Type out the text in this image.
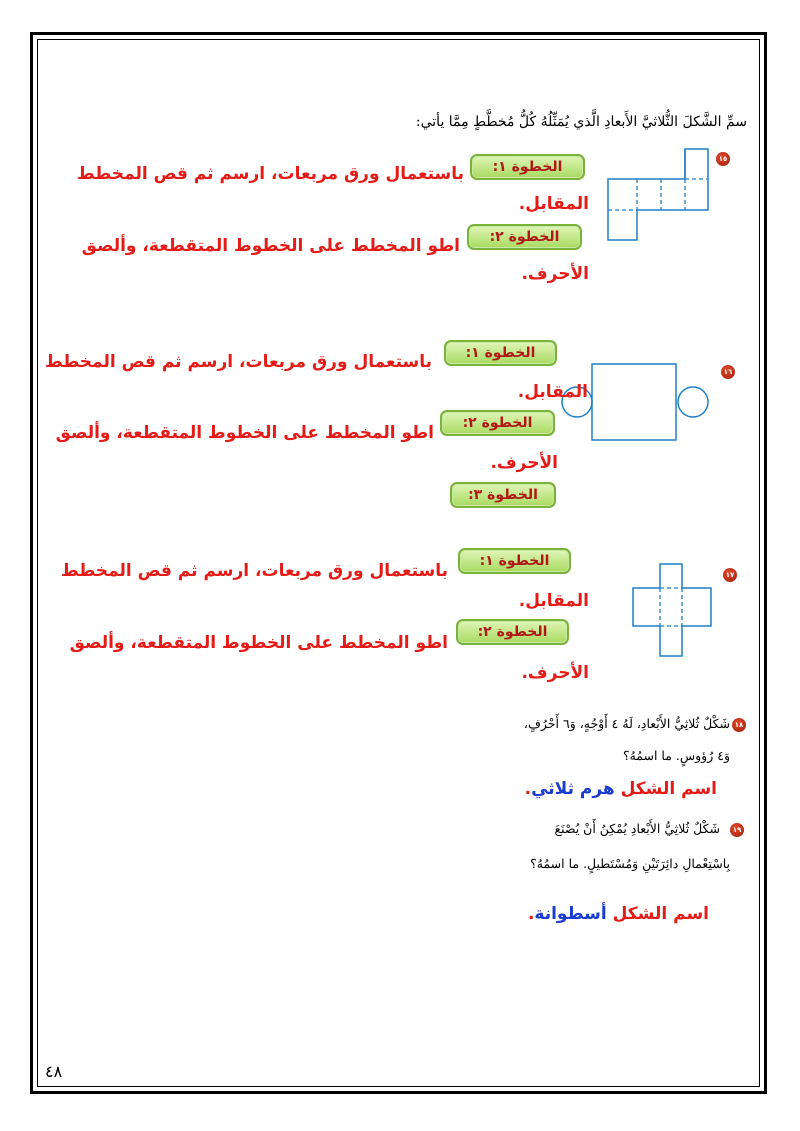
سمِّ الشَّكلَ الثُّلاثيَّ الأَبعادِ الَّذي يُمَثِّلُهُ كُلُّ مُخطَّطٍ مِمَّا يأتي:
١٥
الخطوة ١:
باستعمال ورق مربعات، ارسم ثم قص المخطط
المقابل.
الخطوة ٢:
اطو المخطط على الخطوط المتقطعة، وألصق
الأحرف.
١٦
الخطوة ١:
باستعمال ورق مربعات، ارسم ثم قص المخطط
المقابل.
الخطوة ٢:
اطو المخطط على الخطوط المتقطعة، وألصق
الأحرف.
الخطوة ٣:
١٧
الخطوة ١:
باستعمال ورق مربعات، ارسم ثم قص المخطط
المقابل.
الخطوة ٢:
اطو المخطط على الخطوط المتقطعة، وألصق
الأحرف.
١٨
شَكْلٌ ثُلاثِيُّ الأَبْعادِ، لَهُ ٤ أَوْجُهٍ، وَ٦ أَحْرُفٍ،
وَ٤ رُؤوسٍ. ما اسمُهُ؟
اسم الشكل هرم ثلاثي.
١٩
شَكْلٌ ثُلاثِيُّ الأَبْعادِ يُمْكِنُ أَنْ يُصْنَعَ
بِاسْتِعْمالِ دائِرَتَيْنِ وَمُسْتَطيلٍ. ما اسمُهُ؟
اسم الشكل أسطوانة.
٤٨
